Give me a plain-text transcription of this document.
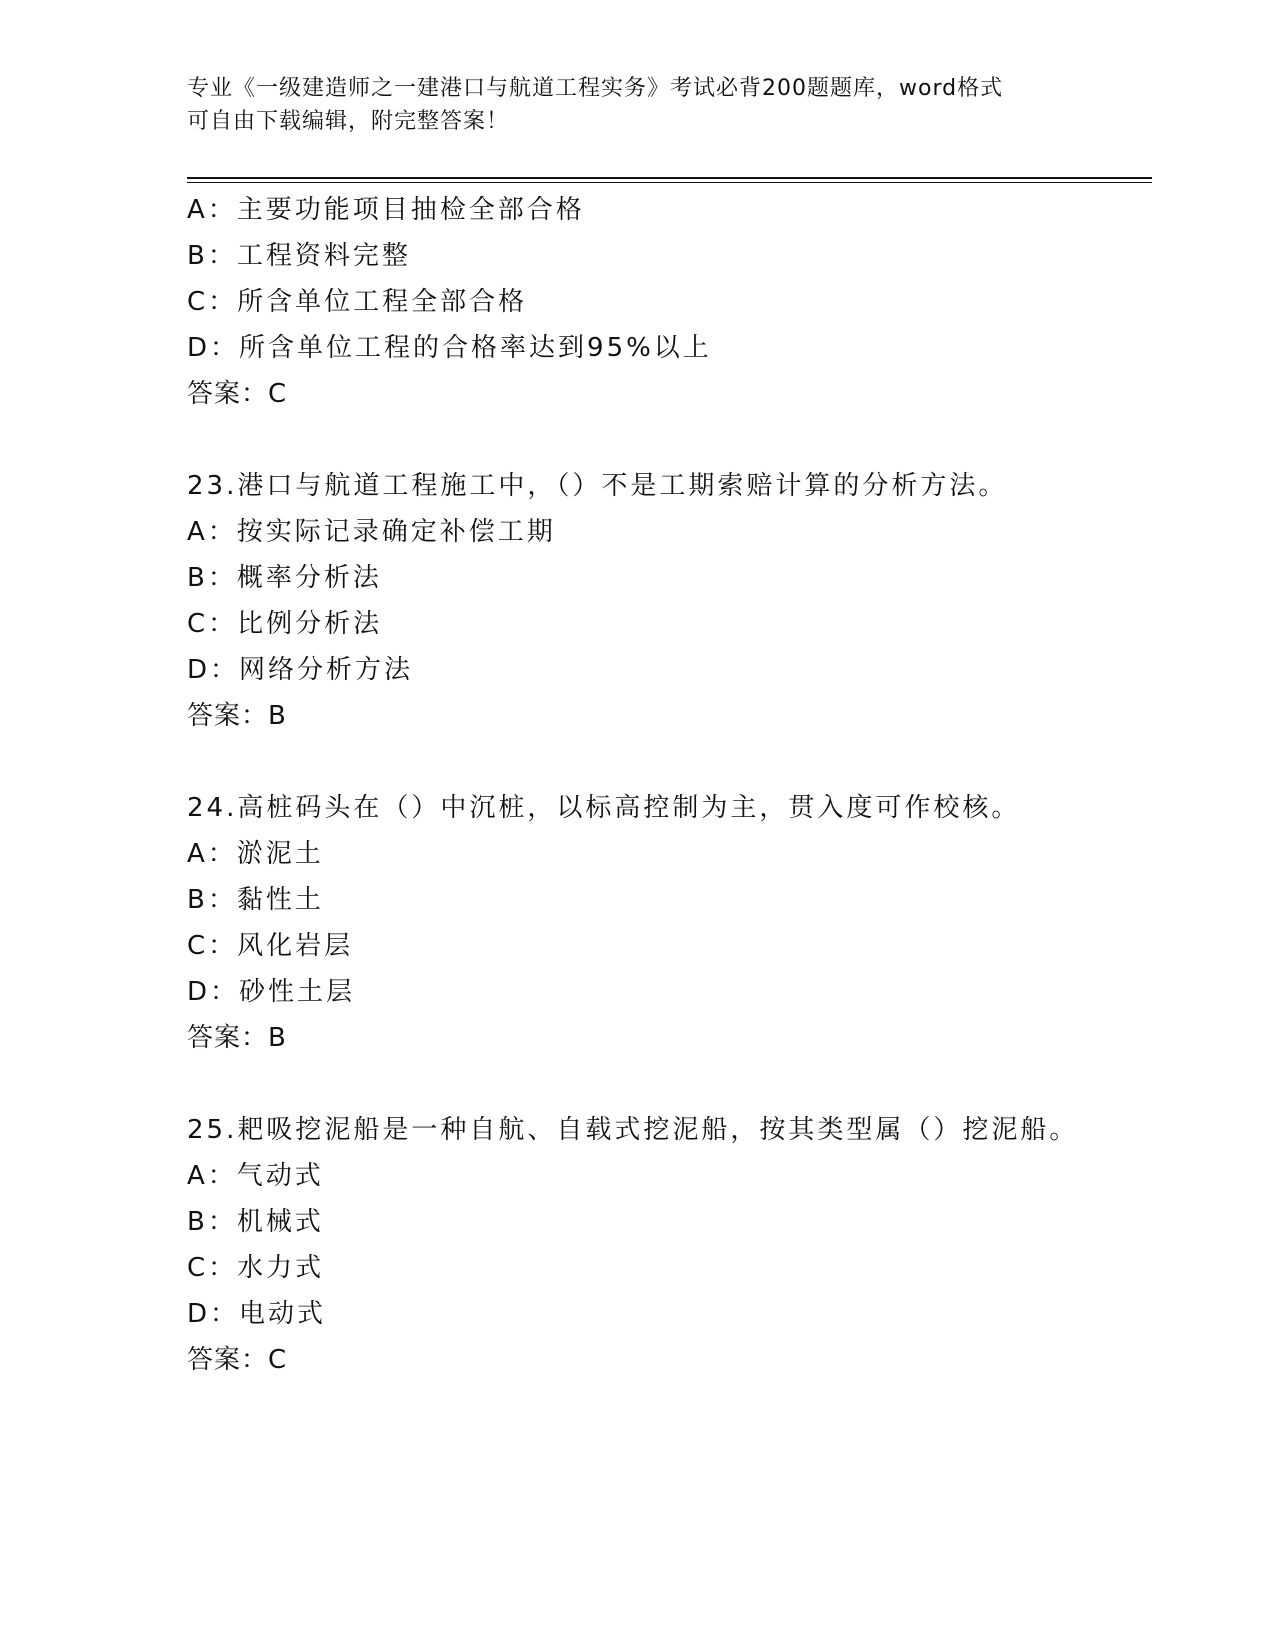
专业《一级建造师之一建港口与航道工程实务》考试必背200题题库，word格式
可自由下载编辑，附完整答案！
A：主要功能项目抽检全部合格
B：工程资料完整
C：所含单位工程全部合格
D：所含单位工程的合格率达到95%以上
答案：C
23.港口与航道工程施工中，（）不是工期索赔计算的分析方法。
A：按实际记录确定补偿工期
B：概率分析法
C：比例分析法
D：网络分析方法
答案：B
24.高桩码头在（）中沉桩，以标高控制为主，贯入度可作校核。
A：淤泥土
B：黏性土
C：风化岩层
D：砂性土层
答案：B
25.耙吸挖泥船是一种自航、自载式挖泥船，按其类型属（）挖泥船。
A：气动式
B：机械式
C：水力式
D：电动式
答案：C
